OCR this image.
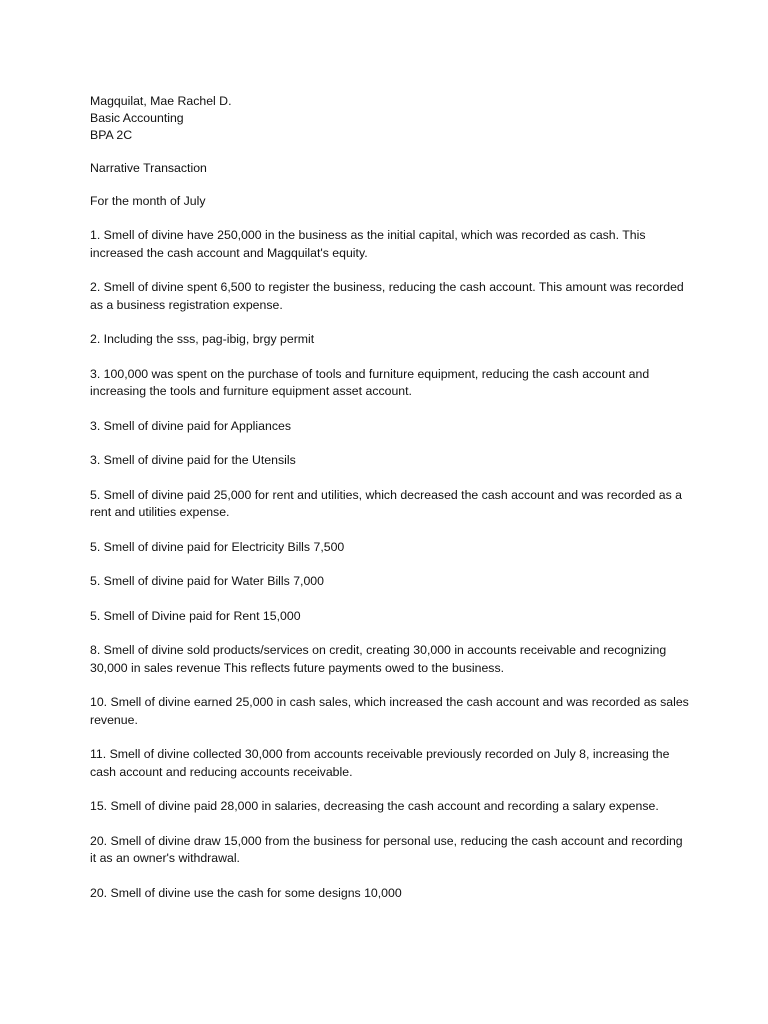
Magquilat, Mae Rachel D.

Basic Accounting

BPA 2C

Narrative Transaction

For the month of July

1. Smell of divine have 250,000 in the business as the initial capital, which was recorded as cash. This increased the cash account and Magquilat's equity.

2. Smell of divine spent 6,500 to register the business, reducing the cash account. This amount was recorded as a business registration expense.

2. Including the sss, pag-ibig, brgy permit

3. 100,000 was spent on the purchase of tools and furniture equipment, reducing the cash account and increasing the tools and furniture equipment asset account.

3. Smell of divine paid for Appliances

3. Smell of divine paid for the Utensils

5. Smell of divine paid 25,000 for rent and utilities, which decreased the cash account and was recorded as a rent and utilities expense.

5. Smell of divine paid for Electricity Bills 7,500

5. Smell of divine paid for Water Bills 7,000

5. Smell of Divine paid for Rent 15,000

8. Smell of divine sold products/services on credit, creating 30,000 in accounts receivable and recognizing 30,000 in sales revenue This reflects future payments owed to the business.

10. Smell of divine earned 25,000 in cash sales, which increased the cash account and was recorded as sales revenue.

11. Smell of divine collected 30,000 from accounts receivable previously recorded on July 8, increasing the cash account and reducing accounts receivable.

15. Smell of divine paid 28,000 in salaries, decreasing the cash account and recording a salary expense.

20. Smell of divine draw 15,000 from the business for personal use, reducing the cash account and recording it as an owner's withdrawal.

20. Smell of divine use the cash for some designs 10,000
